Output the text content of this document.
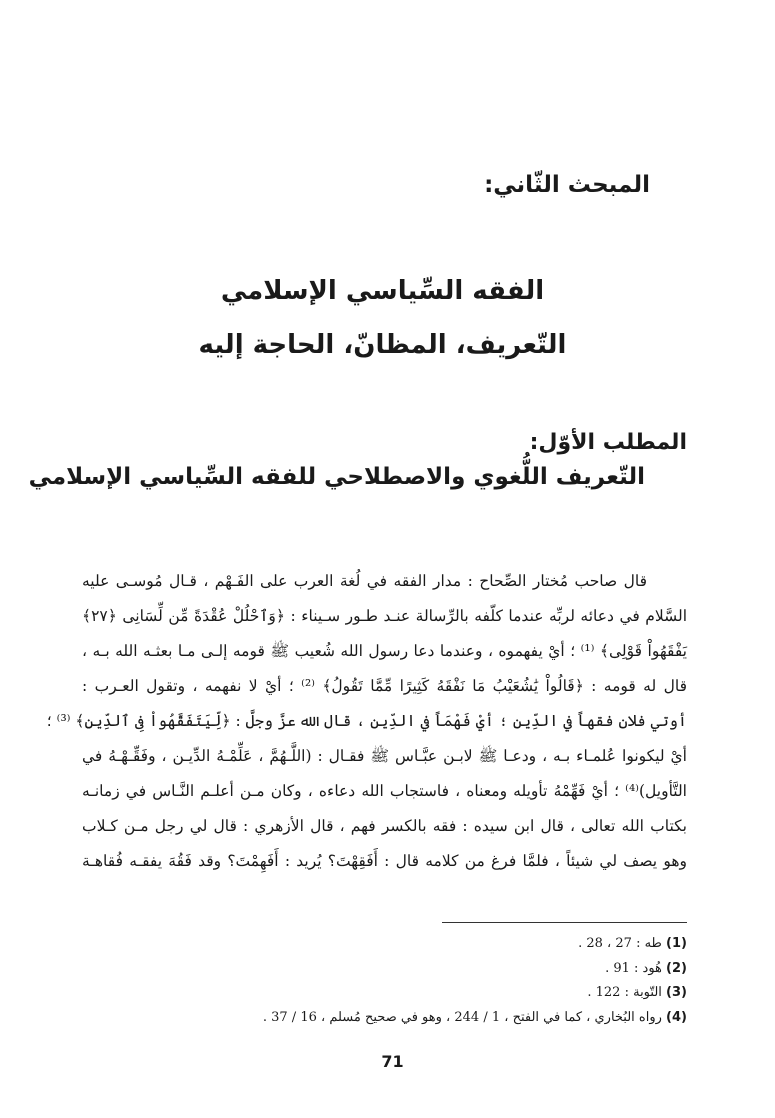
المبحث الثّاني:
الفقه السِّياسي الإسلامي
التّعريف، المظانّ، الحاجة إليه
المطلب الأوّل:
التّعريف اللُّغوي والاصطلاحي للفقه السِّياسي الإسلامي
قال صاحب مُختار الصِّحاح : مدار الفقه في لُغة العرب على الفَـهْم ، قـال مُوسـى عليه
السَّلام في دعائه لربِّه عندما كلّفه بالرِّسالة عنـد طـور سـيناء : ﴿وَٱحْلُلْ عُقْدَةً مِّن لِّسَانِى ﴿٢٧﴾
يَفْقَهُواْ قَوْلِى﴾ ⁽¹⁾ ؛ أيْ يفهموه ، وعندما دعا رسول الله شُعيب ﷺ قومه إلـى مـا بعثـه الله بـه ،
قال له قومه : ﴿قَالُواْ يَٰشُعَيْبُ مَا نَفْقَهُ كَثِيرًا مِّمَّا تَقُولُ﴾ ⁽²⁾ ؛ أيْ لا نفهمه ، وتقول العـرب :
أوتي فلان فقهاً في الدِّين ؛ أيْ فَهْمَاً في الدِّين ، قال الله عزَّ وجلَّ : ﴿لِّيَتَفَقَّهُواْ فِى ٱلدِّينِ﴾ ⁽³⁾ ؛
أيْ ليكونوا عُلمـاء بـه ، ودعـا ﷺ لابـن عبَّـاس ﷺ فقـال : (اللَّـهُمَّ ، عَلِّمْـهُ الدِّيـن ، وفَقِّـهْـهُ في
التَّأويل)⁽⁴⁾ ؛ أيْ فَهِّمْهُ تأويله ومعناه ، فاستجاب الله دعاءه ، وكان مـن أعلـم النَّـاس في زمانـه
بكتاب الله تعالى ، قال ابن سيده : فقه بالكسر فهم ، قال الأزهري : قال لي رجل مـن كـلاب
وهو يصف لي شيئاً ، فلمَّا فرغ من كلامه قال : أَفَقِهْتَ؟ يُريد : أَفَهِمْتَ؟ وقد فَقُهَ يفقـه فُقاهـة
(1) طه : 27 ، 28 .
(2) هُود : 91 .
(3) التّوبة : 122 .
(4) رواه البُخاري ، كما في الفتح ، 1 / 244 ، وهو في صحيح مُسلم ، 16 / 37 .
71
